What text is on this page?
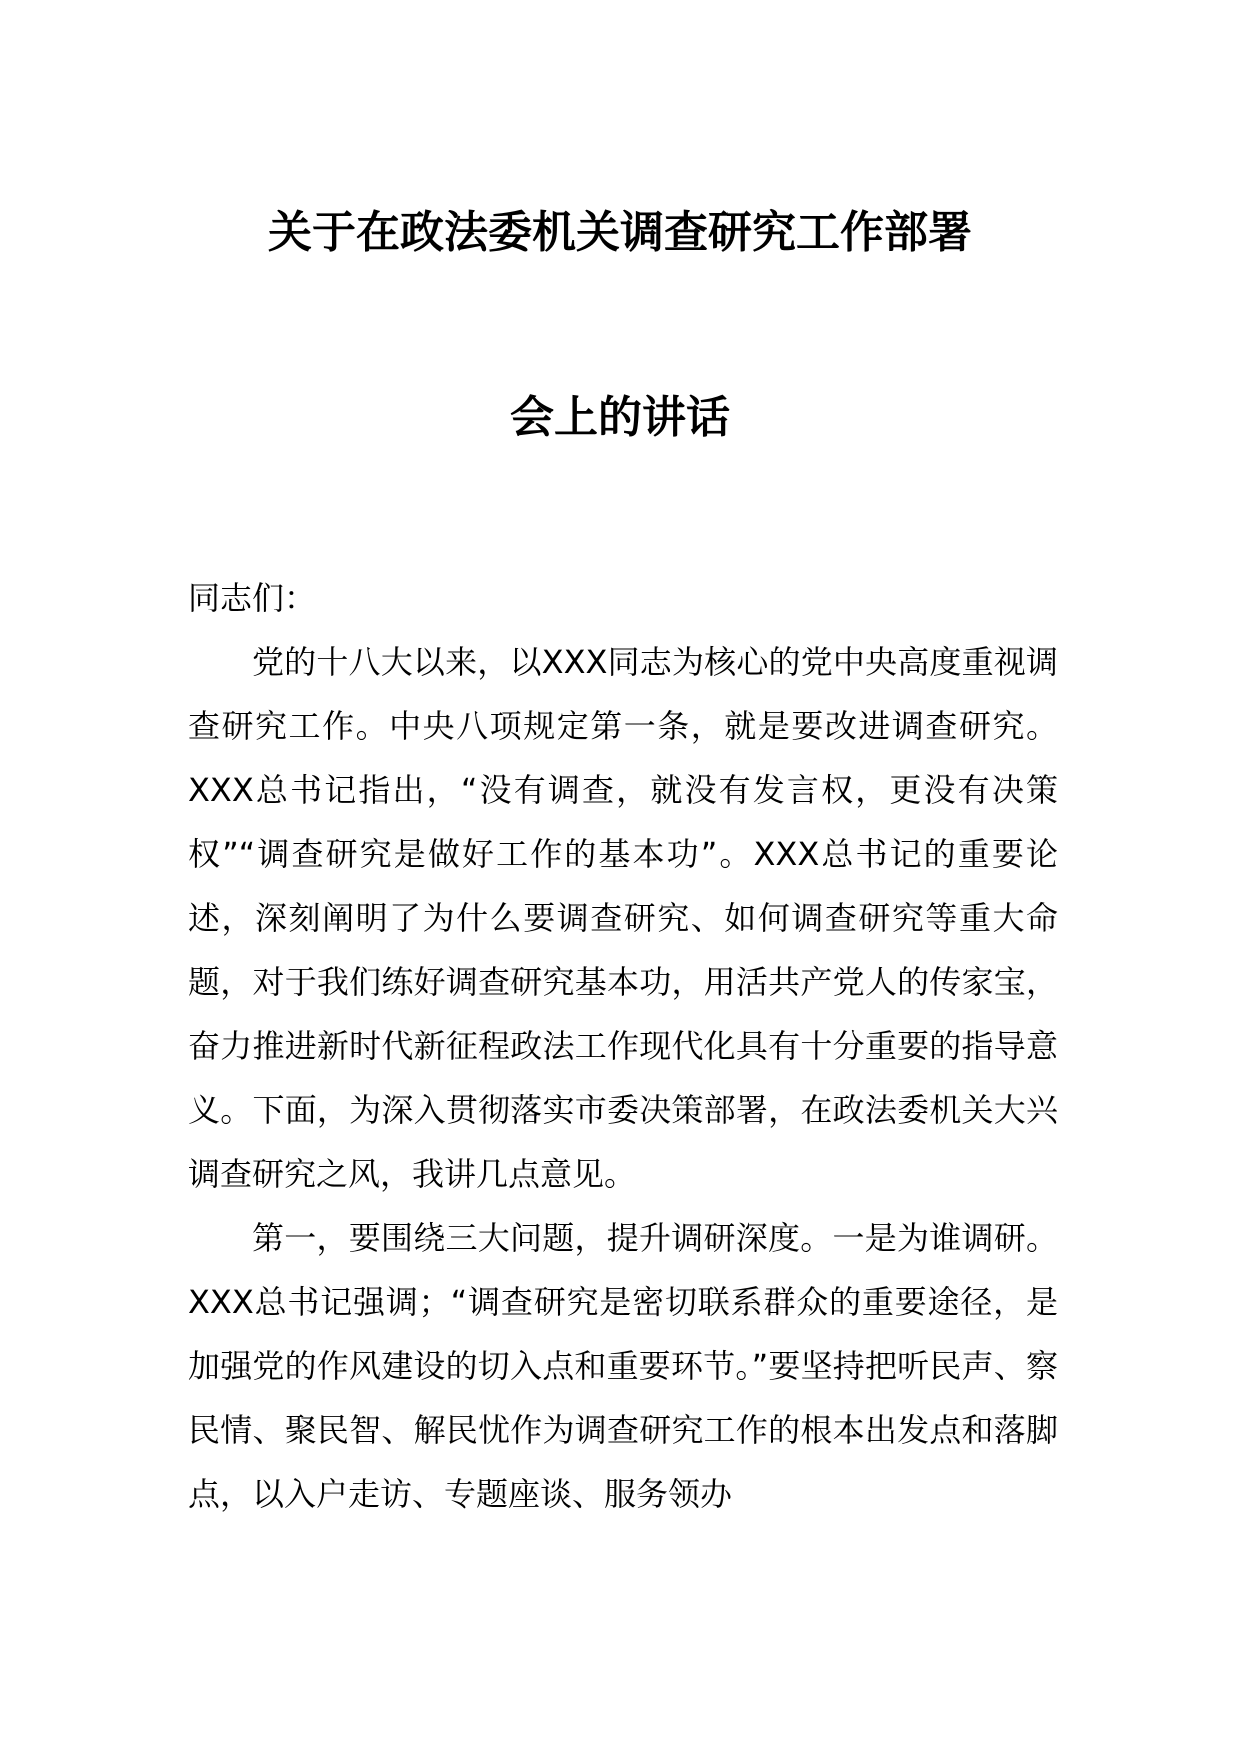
关于在政法委机关调查研究工作部署
会上的讲话
同志们：

党的十八大以来，以XXX同志为核心的党中央高度重视调查研究工作。中央八项规定第一条，就是要改进调查研究。XXX总书记指出，“没有调查，就没有发言权，更没有决策权”“调查研究是做好工作的基本功”。XXX总书记的重要论述，深刻阐明了为什么要调查研究、如何调查研究等重大命题，对于我们练好调查研究基本功，用活共产党人的传家宝，奋力推进新时代新征程政法工作现代化具有十分重要的指导意义。下面，为深入贯彻落实市委决策部署，在政法委机关大兴调查研究之风，我讲几点意见。

第一，要围绕三大问题，提升调研深度。一是为谁调研。XXX总书记强调；“调查研究是密切联系群众的重要途径，是加强党的作风建设的切入点和重要环节。”要坚持把听民声、察民情、聚民智、解民忧作为调查研究工作的根本出发点和落脚点，以入户走访、专题座谈、服务领办
